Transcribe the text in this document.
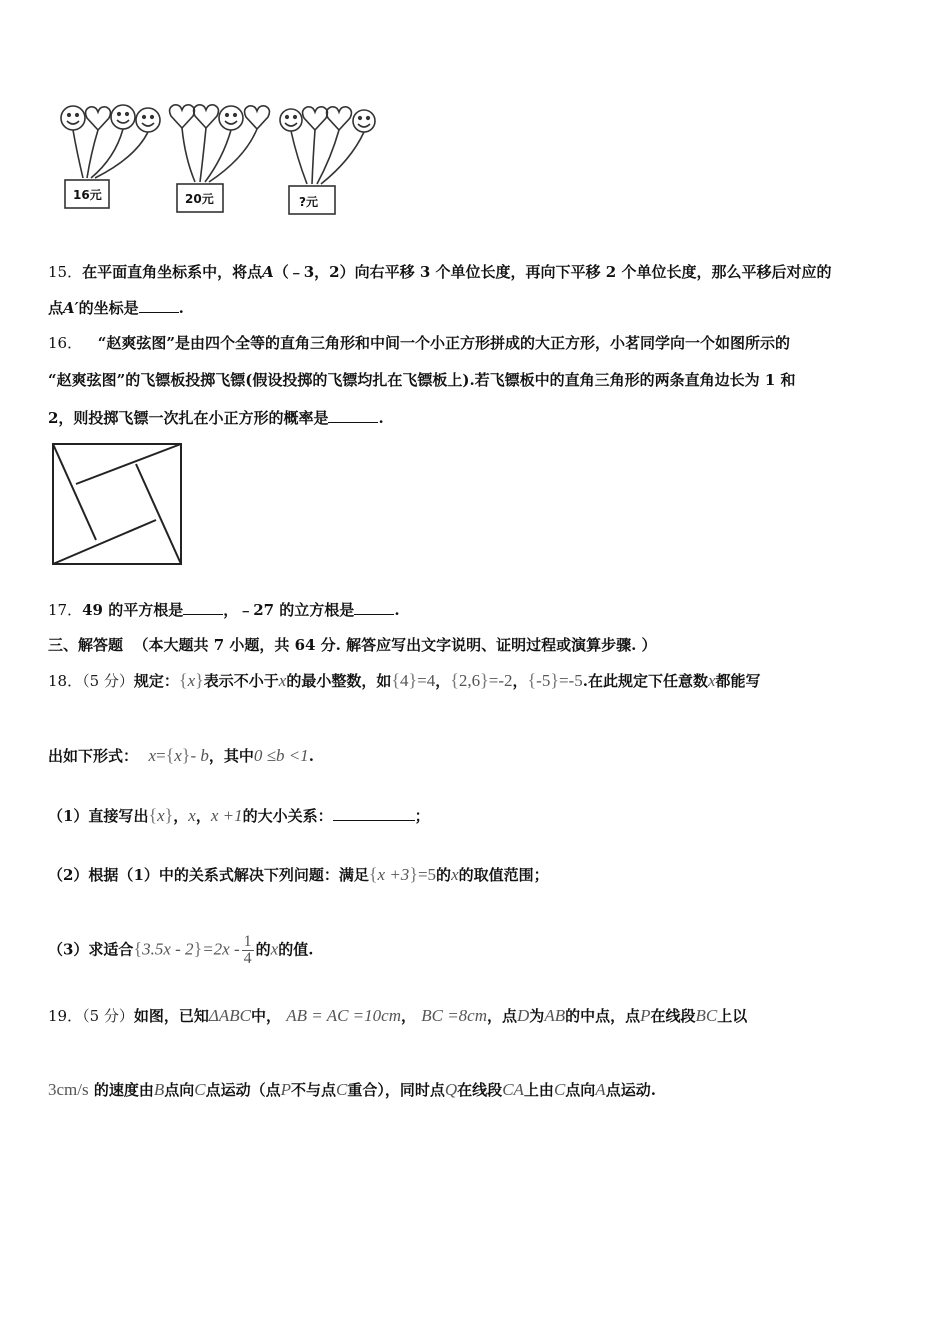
16元	20元	?元
15．在平面直角坐标系中，将点A（﹣3，2）向右平移 3 个单位长度，再向下平移 2 个单位长度，那么平移后对应的
点A′的坐标是	.
16． “赵爽弦图”是由四个全等的直角三角形和中间一个小正方形拼成的大正方形，小茗同学向一个如图所示的
“赵爽弦图”的飞镖板投掷飞镖(假设投掷的飞镖均扎在飞镖板上).若飞镖板中的直角三角形的两条直角边长为 1 和
2，则投掷飞镖一次扎在小正方形的概率是	.
17．49 的平方根是	，﹣27 的立方根是	.
三、解答题 （本大题共 7 小题，共 64 分. 解答应写出文字说明、证明过程或演算步骤. ）
18．（5 分）规定：{x}表示不小于x的最小整数，如{4}=4，{2,6}=-2，{-5}=-5.在此规定下任意数x都能写
出如下形式： x={x}- b，其中0 ≤b <1.
（1）直接写出{x}，x，x +1的大小关系：	；
（2）根据（1）中的关系式解决下列问题：满足{x +3}=5的x的取值范围；
（3）求适合$\{3.5x - 2\}=2x - \frac{1}{4}$ 的x的值.
19．（5 分）如图，已知ΔABC中， AB = AC =10cm， BC =8cm，点D为AB的中点，点P在线段BC上以
3cm/s 的速度由B点向C点运动（点P不与点C重合），同时点Q在线段CA上由C点向A点运动.
